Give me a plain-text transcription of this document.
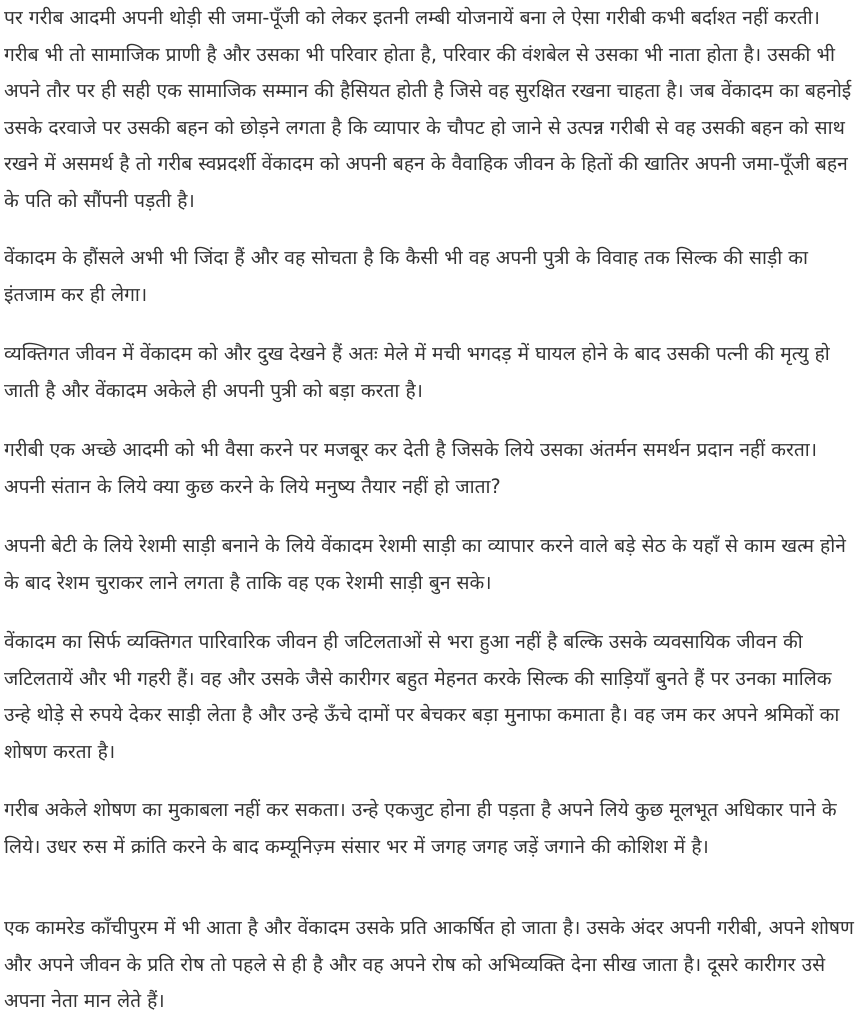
पर गरीब आदमी अपनी थोड़ी सी जमा-पूँजी को लेकर इतनी लम्बी योजनायें बना ले ऐसा गरीबी कभी बर्दाश्त नहीं करती। गरीब भी तो सामाजिक प्राणी है और उसका भी परिवार होता है, परिवार की वंशबेल से उसका भी नाता होता है। उसकी भी अपने तौर पर ही सही एक सामाजिक सम्मान की हैसियत होती है जिसे वह सुरक्षित रखना चाहता है। जब वेंकादम का बहनोई उसके दरवाजे पर उसकी बहन को छोड़ने लगता है कि व्यापार के चौपट हो जाने से उत्पन्न गरीबी से वह उसकी बहन को साथ रखने में असमर्थ है तो गरीब स्वप्नदर्शी वेंकादम को अपनी बहन के वैवाहिक जीवन के हितों की खातिर अपनी जमा-पूँजी बहन के पति को सौंपनी पड़ती है।

वेंकादम के हौंसले अभी भी जिंदा हैं और वह सोचता है कि कैसी भी वह अपनी पुत्री के विवाह तक सिल्क की साड़ी का इंतजाम कर ही लेगा।

व्यक्तिगत जीवन में वेंकादम को और दुख देखने हैं अतः मेले में मची भगदड़ में घायल होने के बाद उसकी पत्नी की मृत्यु हो जाती है और वेंकादम अकेले ही अपनी पुत्री को बड़ा करता है।

गरीबी एक अच्छे आदमी को भी वैसा करने पर मजबूर कर देती है जिसके लिये उसका अंतर्मन समर्थन प्रदान नहीं करता। अपनी संतान के लिये क्या कुछ करने के लिये मनुष्य तैयार नहीं हो जाता?

अपनी बेटी के लिये रेशमी साड़ी बनाने के लिये वेंकादम रेशमी साड़ी का व्यापार करने वाले बड़े सेठ के यहाँ से काम खत्म होने के बाद रेशम चुराकर लाने लगता है ताकि वह एक रेशमी साड़ी बुन सके।

वेंकादम का सिर्फ व्यक्तिगत पारिवारिक जीवन ही जटिलताओं से भरा हुआ नहीं है बल्कि उसके व्यवसायिक जीवन की जटिलतायें और भी गहरी हैं। वह और उसके जैसे कारीगर बहुत मेहनत करके सिल्क की साड़ियाँ बुनते हैं पर उनका मालिक उन्हे थोड़े से रुपये देकर साड़ी लेता है और उन्हे ऊँचे दामों पर बेचकर बड़ा मुनाफा कमाता है। वह जम कर अपने श्रमिकों का शोषण करता है।

गरीब अकेले शोषण का मुकाबला नहीं कर सकता। उन्हे एकजुट होना ही पड़ता है अपने लिये कुछ मूलभूत अधिकार पाने के लिये। उधर रुस में क्रांति करने के बाद कम्यूनिज़्म संसार भर में जगह जगह जड़ें जगाने की कोशिश में है।

एक कामरेड काँचीपुरम में भी आता है और वेंकादम उसके प्रति आकर्षित हो जाता है। उसके अंदर अपनी गरीबी, अपने शोषण और अपने जीवन के प्रति रोष तो पहले से ही है और वह अपने रोष को अभिव्यक्ति देना सीख जाता है। दूसरे कारीगर उसे अपना नेता मान लेते हैं।
